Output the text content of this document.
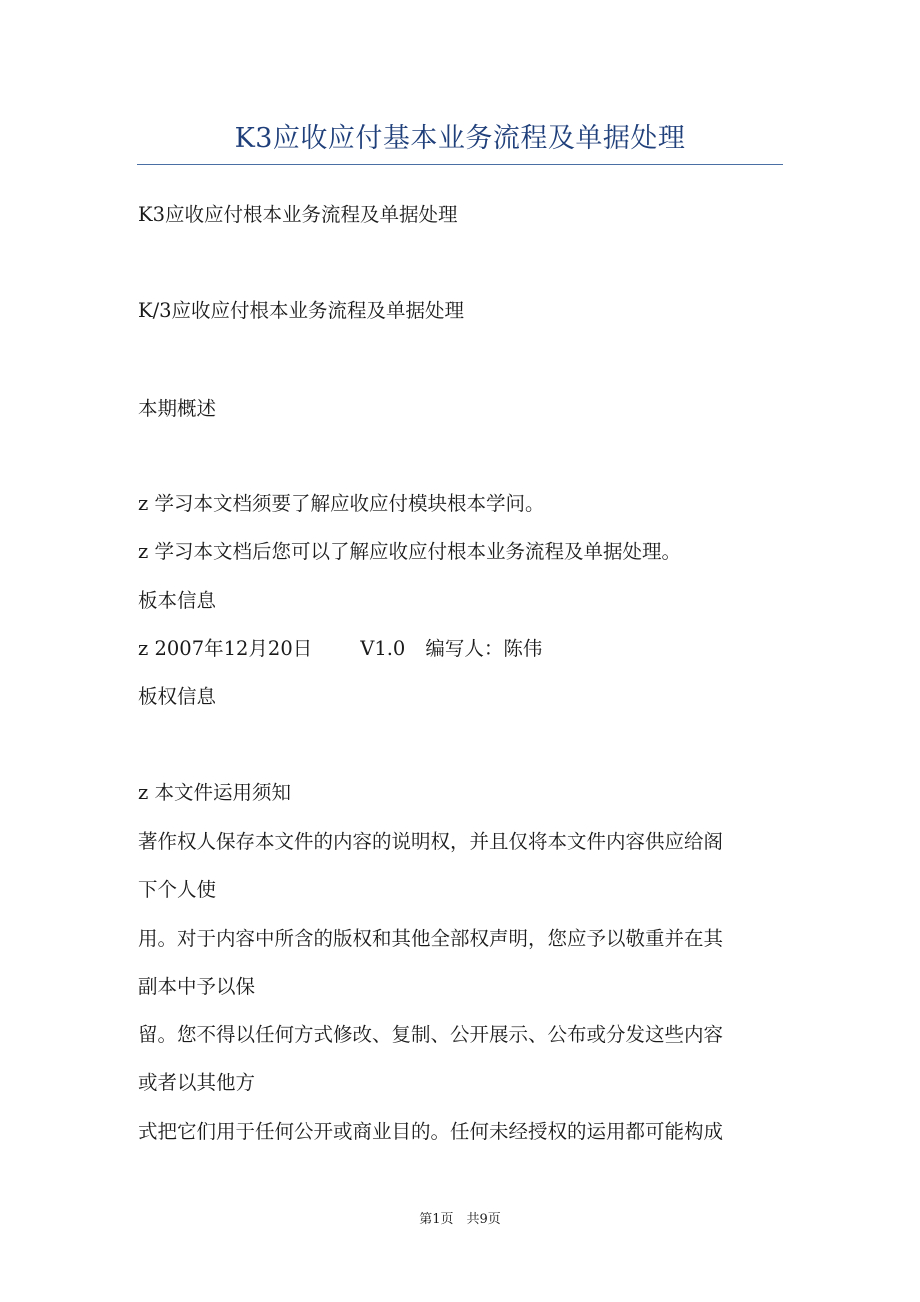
K3应收应付基本业务流程及单据处理
K3应收应付根本业务流程及单据处理
K/3应收应付根本业务流程及单据处理
本期概述
z 学习本文档须要了解应收应付模块根本学问。
z 学习本文档后您可以了解应收应付根本业务流程及单据处理。
板本信息
z 2007年12月20日 V1.0 编写人：陈伟
板权信息
z 本文件运用须知
著作权人保存本文件的内容的说明权，并且仅将本文件内容供应给阁
下个人使
用。对于内容中所含的版权和其他全部权声明，您应予以敬重并在其
副本中予以保
留。您不得以任何方式修改、复制、公开展示、公布或分发这些内容
或者以其他方
式把它们用于任何公开或商业目的。任何未经授权的运用都可能构成
第1页　共9页
